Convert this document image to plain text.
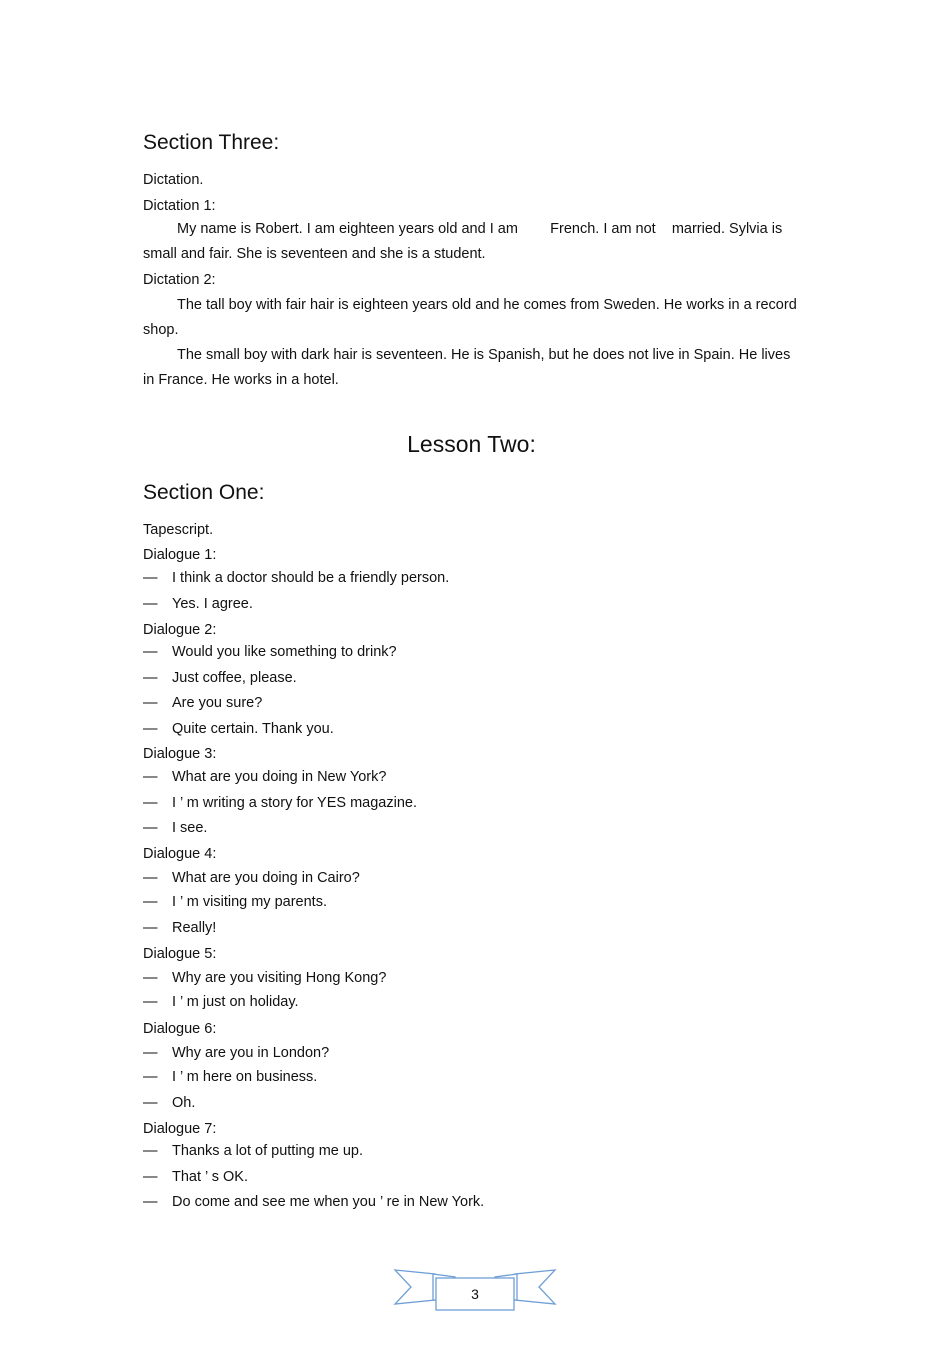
Section Three:
Dictation.
Dictation 1:
My name is Robert. I am eighteen years old and I am        French. I am not    married. Sylvia is small and fair. She is seventeen and she is a student.
Dictation 2:
The tall boy with fair hair is eighteen years old and he comes from Sweden. He works in a record shop.
The small boy with dark hair is seventeen. He is Spanish, but he does not live in Spain. He lives in France. He works in a hotel.
Lesson Two:
Section One:
Tapescript.
Dialogue 1:
— I think a doctor should be a friendly person.
— Yes. I agree.
Dialogue 2:
— Would you like something to drink?
— Just coffee, please.
— Are you sure?
— Quite certain. Thank you.
Dialogue 3:
— What are you doing in New York?
— I ’ m writing a story for YES magazine.
— I see.
Dialogue 4:
— What are you doing in Cairo?
— I ’ m visiting my parents.
— Really!
Dialogue 5:
— Why are you visiting Hong Kong?
— I ’ m just on holiday.
Dialogue 6:
— Why are you in London?
— I ’ m here on business.
— Oh.
Dialogue 7:
— Thanks a lot of putting me up.
— That ’ s OK.
— Do come and see me when you ’ re in New York.
3
